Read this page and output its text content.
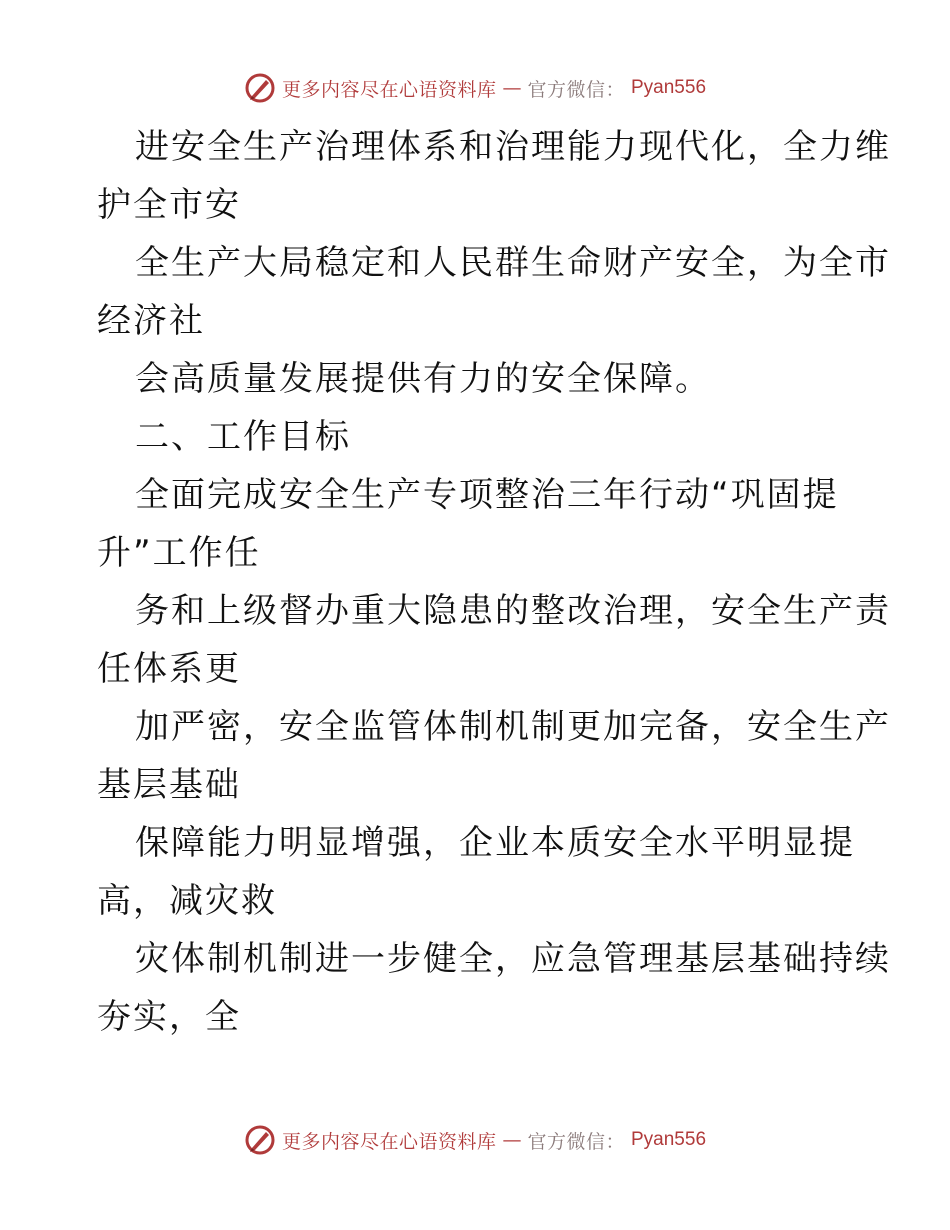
更多内容尽在心语资料库 — 官方微信： Pyan556
进安全生产治理体系和治理能力现代化，全力维
护全市安
全生产大局稳定和人民群生命财产安全，为全市
经济社
会高质量发展提供有力的安全保障。
二、工作目标
全面完成安全生产专项整治三年行动“巩固提
升”工作任
务和上级督办重大隐患的整改治理，安全生产责
任体系更
加严密，安全监管体制机制更加完备，安全生产
基层基础
保障能力明显增强，企业本质安全水平明显提
高，减灾救
灾体制机制进一步健全，应急管理基层基础持续
夯实，全
更多内容尽在心语资料库 — 官方微信： Pyan556
